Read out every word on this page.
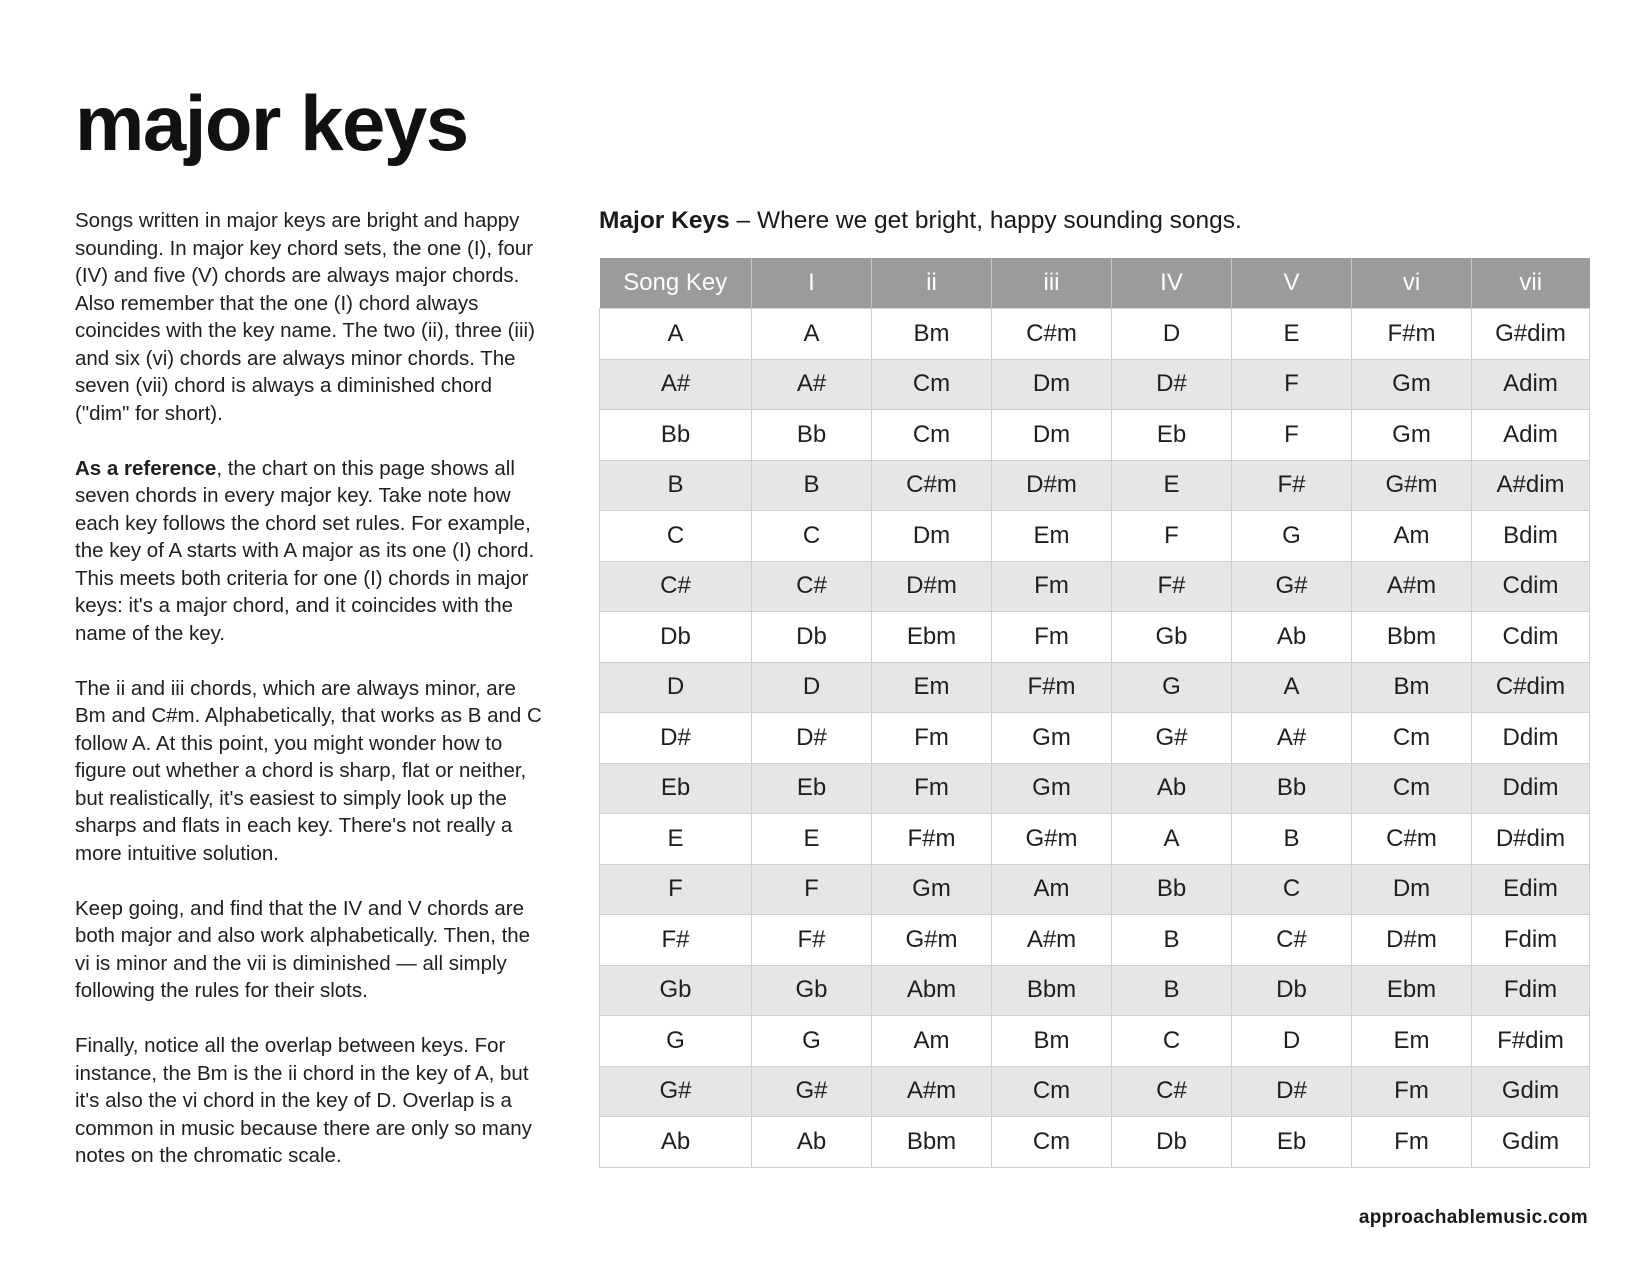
major keys

Songs written in major keys are bright and happy sounding. In major key chord sets, the one (I), four (IV) and five (V) chords are always major chords. Also remember that the one (I) chord always coincides with the key name. The two (ii), three (iii) and six (vi) chords are always minor chords. The seven (vii) chord is always a diminished chord ("dim" for short).

As a reference, the chart on this page shows all seven chords in every major key. Take note how each key follows the chord set rules. For example, the key of A starts with A major as its one (I) chord. This meets both criteria for one (I) chords in major keys: it's a major chord, and it coincides with the name of the key.

The ii and iii chords, which are always minor, are Bm and C#m. Alphabetically, that works as B and C follow A. At this point, you might wonder how to figure out whether a chord is sharp, flat or neither, but realistically, it's easiest to simply look up the sharps and flats in each key. There's not really a more intuitive solution.

Keep going, and find that the IV and V chords are both major and also work alphabetically. Then, the vi is minor and the vii is diminished — all simply following the rules for their slots.

Finally, notice all the overlap between keys. For instance, the Bm is the ii chord in the key of A, but it's also the vi chord in the key of D. Overlap is a common in music because there are only so many notes on the chromatic scale.

Major Keys – Where we get bright, happy sounding songs.
Song Key	I	ii	iii	IV	V	vi	vii
A	A	Bm	C#m	D	E	F#m	G#dim
A#	A#	Cm	Dm	D#	F	Gm	Adim
Bb	Bb	Cm	Dm	Eb	F	Gm	Adim
B	B	C#m	D#m	E	F#	G#m	A#dim
C	C	Dm	Em	F	G	Am	Bdim
C#	C#	D#m	Fm	F#	G#	A#m	Cdim
Db	Db	Ebm	Fm	Gb	Ab	Bbm	Cdim
D	D	Em	F#m	G	A	Bm	C#dim
D#	D#	Fm	Gm	G#	A#	Cm	Ddim
Eb	Eb	Fm	Gm	Ab	Bb	Cm	Ddim
E	E	F#m	G#m	A	B	C#m	D#dim
F	F	Gm	Am	Bb	C	Dm	Edim
F#	F#	G#m	A#m	B	C#	D#m	Fdim
Gb	Gb	Abm	Bbm	B	Db	Ebm	Fdim
G	G	Am	Bm	C	D	Em	F#dim
G#	G#	A#m	Cm	C#	D#	Fm	Gdim
Ab	Ab	Bbm	Cm	Db	Eb	Fm	Gdim
approachablemusic.com
